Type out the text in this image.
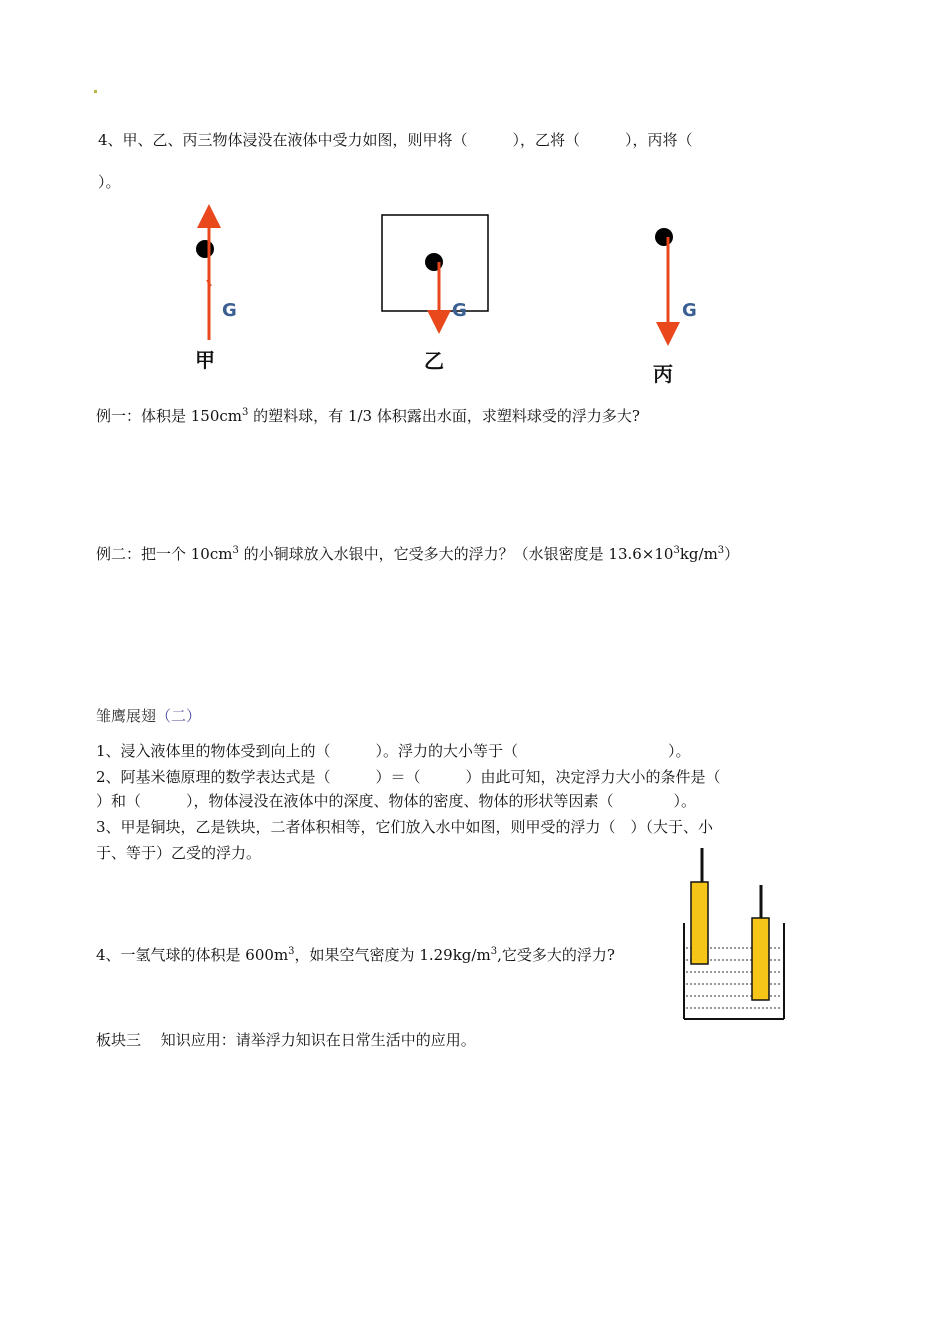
4、甲、乙、丙三物体浸没在液体中受力如图，则甲将（　　　），乙将（　　　），丙将（
）。
G	G	G
甲	乙
丙
例一：体积是 $150cm^3$ 的塑料球，有 1/3 体积露出水面，求塑料球受的浮力多大?
例二：把一个 $10cm^3$ 的小铜球放入水银中，它受多大的浮力？（水银密度是 $13.6\times 10^3kg/m^3$）
雏鹰展翅（二）
1、浸入液体里的物体受到向上的（　　　）。浮力的大小等于（　　　　　　　　　　）。
2、阿基米德原理的数学表达式是（　　　）＝（　　　）由此可知，决定浮力大小的条件是（
）和（　　　），物体浸没在液体中的深度、物体的密度、物体的形状等因素（　　　　）。
3、甲是铜块，乙是铁块，二者体积相等，它们放入水中如图，则甲受的浮力（　）（大于、小
于、等于）乙受的浮力。
4、一氢气球的体积是 $600m^3$，如果空气密度为 $1.29kg/m^3$,它受多大的浮力?
板块三　 知识应用：请举浮力知识在日常生活中的应用。
